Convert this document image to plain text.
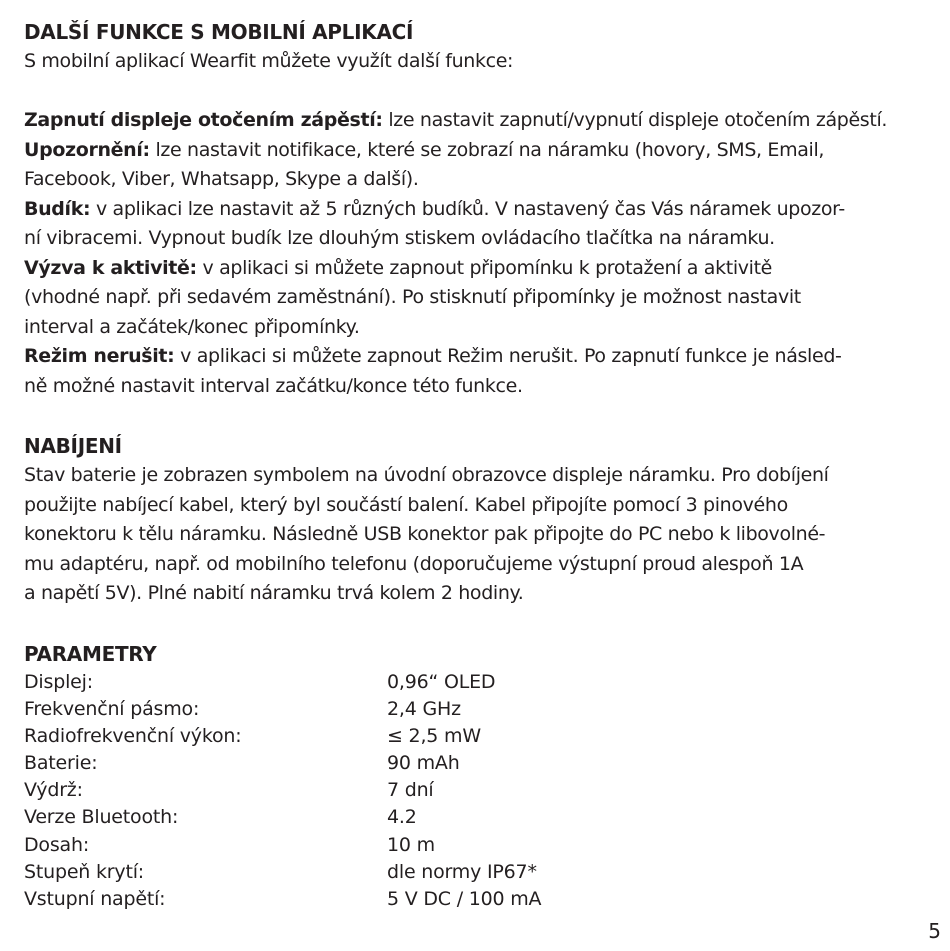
DALŠÍ FUNKCE S MOBILNÍ APLIKACÍ
S mobilní aplikací Wearfit můžete využít další funkce:
Zapnutí displeje otočením zápěstí: lze nastavit zapnutí/vypnutí displeje otočením zápěstí.
Upozornění: lze nastavit notifikace, které se zobrazí na náramku (hovory, SMS, Email,
Facebook, Viber, Whatsapp, Skype a další).
Budík: v aplikaci lze nastavit až 5 různých budíků. V nastavený čas Vás náramek upozor-
ní vibracemi. Vypnout budík lze dlouhým stiskem ovládacího tlačítka na náramku.
Výzva k aktivitě: v aplikaci si můžete zapnout připomínku k protažení a aktivitě
(vhodné např. při sedavém zaměstnání). Po stisknutí připomínky je možnost nastavit
interval a začátek/konec připomínky.
Režim nerušit: v aplikaci si můžete zapnout Režim nerušit. Po zapnutí funkce je násled-
ně možné nastavit interval začátku/konce této funkce.
NABÍJENÍ
Stav baterie je zobrazen symbolem na úvodní obrazovce displeje náramku. Pro dobíjení
použijte nabíjecí kabel, který byl součástí balení. Kabel připojíte pomocí 3 pinového
konektoru k tělu náramku. Následně USB konektor pak připojte do PC nebo k libovolné-
mu adaptéru, např. od mobilního telefonu (doporučujeme výstupní proud alespoň 1A
a napětí 5V). Plné nabití náramku trvá kolem 2 hodiny.
PARAMETRY
Displej:	0,96“ OLED
Frekvenční pásmo:	2,4 GHz
Radiofrekvenční výkon:	≤ 2,5 mW
Baterie:	90 mAh
Výdrž:	7 dní
Verze Bluetooth:	4.2
Dosah:	10 m
Stupeň krytí:	dle normy IP67*
Vstupní napětí:	5 V DC / 100 mA
5
